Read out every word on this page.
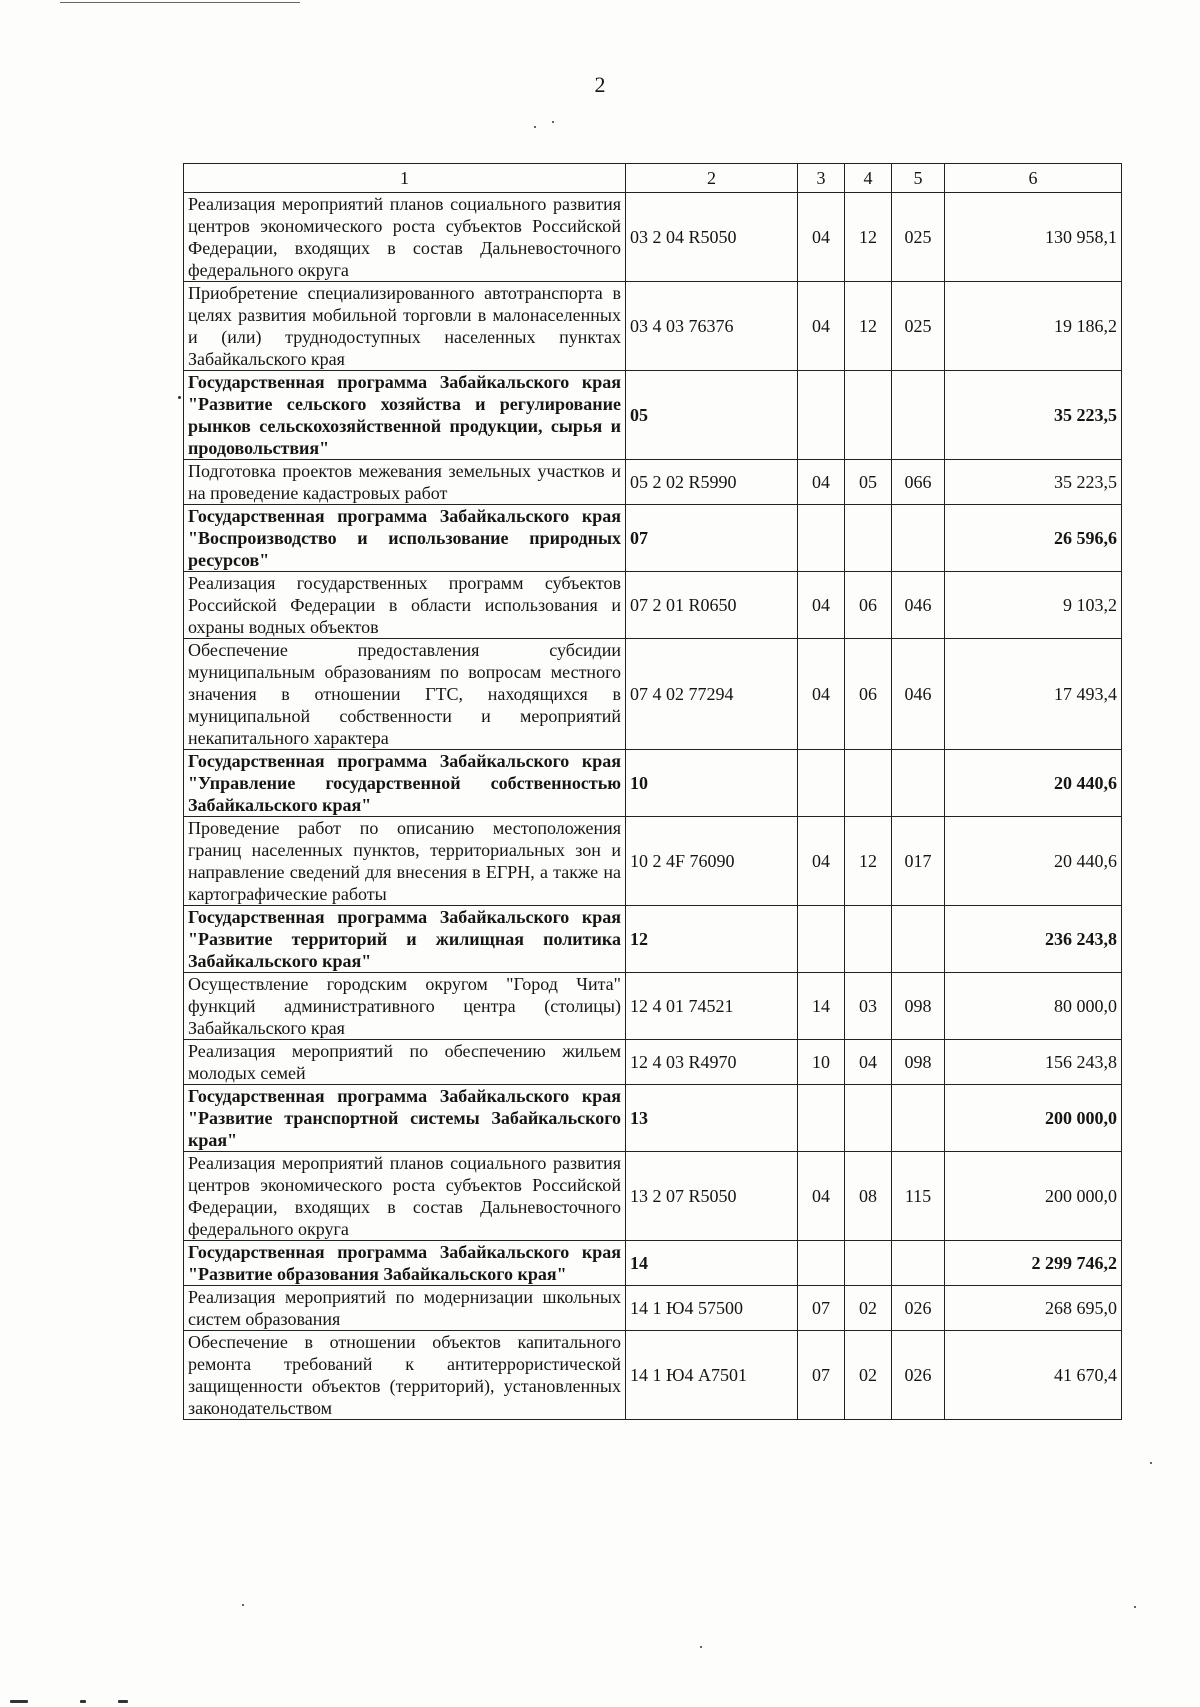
2
1	2	3	4	5	6
Реализация мероприятий планов социального развития центров экономического роста субъектов Российской Федерации, входящих в состав Дальневосточного федерального округа	03 2 04 R5050	04	12	025	130 958,1
Приобретение специализированного автотранспорта в целях развития мобильной торговли в малонаселенных и (или) труднодоступных населенных пунктах Забайкальского края	03 4 03 76376	04	12	025	19 186,2
Государственная программа Забайкальского края "Развитие сельского хозяйства и регулирование рынков сельскохозяйственной продукции, сырья и продовольствия"	05				35 223,5
Подготовка проектов межевания земельных участков и на проведение кадастровых работ	05 2 02 R5990	04	05	066	35 223,5
Государственная программа Забайкальского края "Воспроизводство и использование природных ресурсов"	07				26 596,6
Реализация государственных программ субъектов Российской Федерации в области использования и охраны водных объектов	07 2 01 R0650	04	06	046	9 103,2
Обеспечение предоставления субсидии муниципальным образованиям по вопросам местного значения в отношении ГТС, находящихся в муниципальной собственности и мероприятий некапитального характера	07 4 02 77294	04	06	046	17 493,4
Государственная программа Забайкальского края "Управление государственной собственностью Забайкальского края"	10				20 440,6
Проведение работ по описанию местоположения границ населенных пунктов, территориальных зон и направление сведений для внесения в ЕГРН, а также на картографические работы	10 2 4F 76090	04	12	017	20 440,6
Государственная программа Забайкальского края "Развитие территорий и жилищная политика Забайкальского края"	12				236 243,8
Осуществление городским округом "Город Чита" функций административного центра (столицы) Забайкальского края	12 4 01 74521	14	03	098	80 000,0
Реализация мероприятий по обеспечению жильем молодых семей	12 4 03 R4970	10	04	098	156 243,8
Государственная программа Забайкальского края "Развитие транспортной системы Забайкальского края"	13				200 000,0
Реализация мероприятий планов социального развития центров экономического роста субъектов Российской Федерации, входящих в состав Дальневосточного федерального округа	13 2 07 R5050	04	08	115	200 000,0
Государственная программа Забайкальского края "Развитие образования Забайкальского края"	14				2 299 746,2
Реализация мероприятий по модернизации школьных систем образования	14 1 Ю4 57500	07	02	026	268 695,0
Обеспечение в отношении объектов капитального ремонта требований к антитеррористической защищенности объектов (территорий), установленных законодательством	14 1 Ю4 А7501	07	02	026	41 670,4
